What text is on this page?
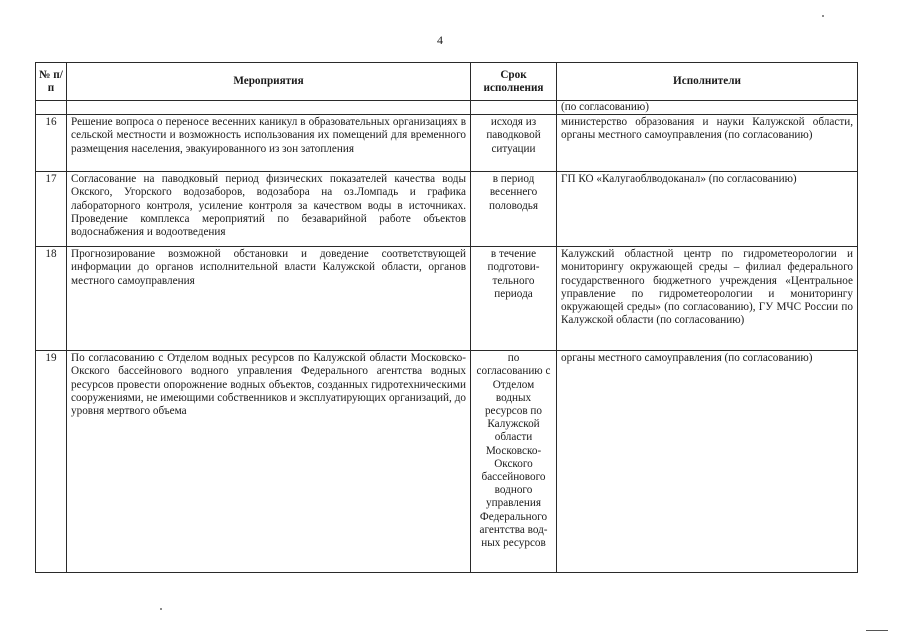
4
№ п/п	Мероприятия	Срок исполнения	Исполнители
			(по согласованию)
16	Решение вопроса о переносе весенних каникул в образовательных организациях в сельской местности и возможность использования их помещений для временного размещения населения, эвакуированного из зон затопления	исходя из паводковой ситуации	министерство образования и науки Калужской области, органы местного самоуправления (по согласованию)
17	Согласование на паводковый период физических показателей качества воды Окского, Угорского водозаборов, водозабора на оз.Ломпадь и графика лабораторного контроля, усиление контроля за качеством воды в источниках. Проведение комплекса мероприятий по безаварийной работе объектов водоснабжения и водоотведения	в период весеннего половодья	ГП КО «Калугаоблводоканал» (по согласованию)
18	Прогнозирование возможной обстановки и доведение соответствующей информации до органов исполнительной власти Калужской области, органов местного самоуправления	в течение подготови-тельного периода	Калужский областной центр по гидрометеорологии и мониторингу окружающей среды – филиал федерального государственного бюджетного учреждения «Центральное управление по гидрометеорологии и мониторингу окружающей среды» (по согласованию), ГУ МЧС России по Калужской области (по согласованию)
19	По согласованию с Отделом водных ресурсов по Калужской области Московско-Окского бассейнового водного управления Федерального агентства водных ресурсов провести опорожнение водных объектов, созданных гидротехническими сооружениями, не имеющими собственников и эксплуатирующих организаций, до уровня мертвого объема	по согласованию с Отделом водных ресурсов по Калужской области Московско-Окского бассейнового водного управления Федерального агентства вод-ных ресурсов	органы местного самоуправления (по согласованию)
